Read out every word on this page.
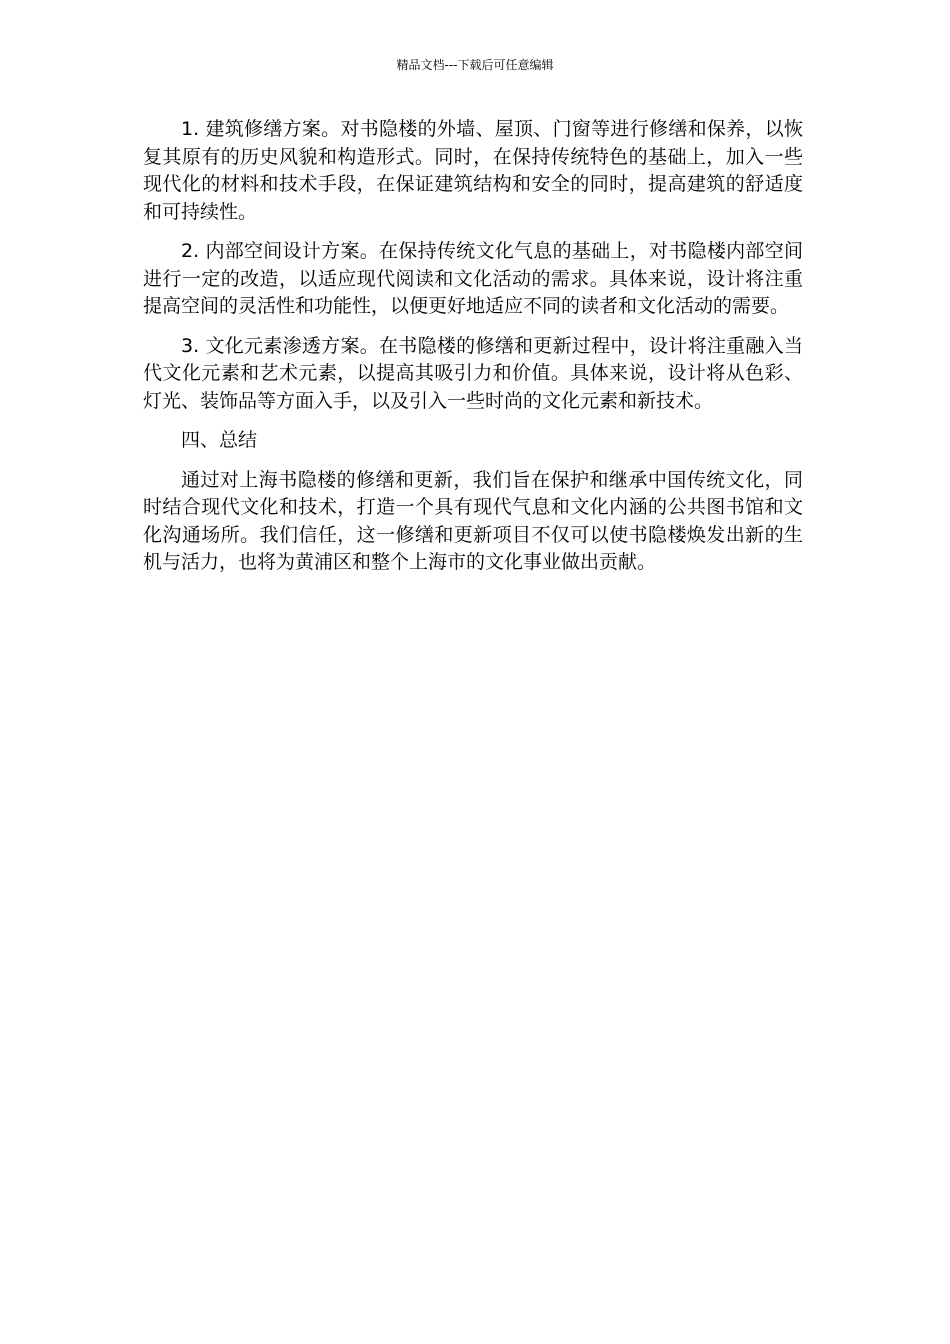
精品文档---下载后可任意编辑

1. 建筑修缮方案。对书隐楼的外墙、屋顶、门窗等进行修缮和保养，以恢复其原有的历史风貌和构造形式。同时，在保持传统特色的基础上，加入一些现代化的材料和技术手段，在保证建筑结构和安全的同时，提高建筑的舒适度和可持续性。

2. 内部空间设计方案。在保持传统文化气息的基础上，对书隐楼内部空间进行一定的改造，以适应现代阅读和文化活动的需求。具体来说，设计将注重提高空间的灵活性和功能性，以便更好地适应不同的读者和文化活动的需要。

3. 文化元素渗透方案。在书隐楼的修缮和更新过程中，设计将注重融入当代文化元素和艺术元素，以提高其吸引力和价值。具体来说，设计将从色彩、灯光、装饰品等方面入手，以及引入一些时尚的文化元素和新技术。

四、总结

通过对上海书隐楼的修缮和更新，我们旨在保护和继承中国传统文化，同时结合现代文化和技术，打造一个具有现代气息和文化内涵的公共图书馆和文化沟通场所。我们信任，这一修缮和更新项目不仅可以使书隐楼焕发出新的生机与活力，也将为黄浦区和整个上海市的文化事业做出贡献。
